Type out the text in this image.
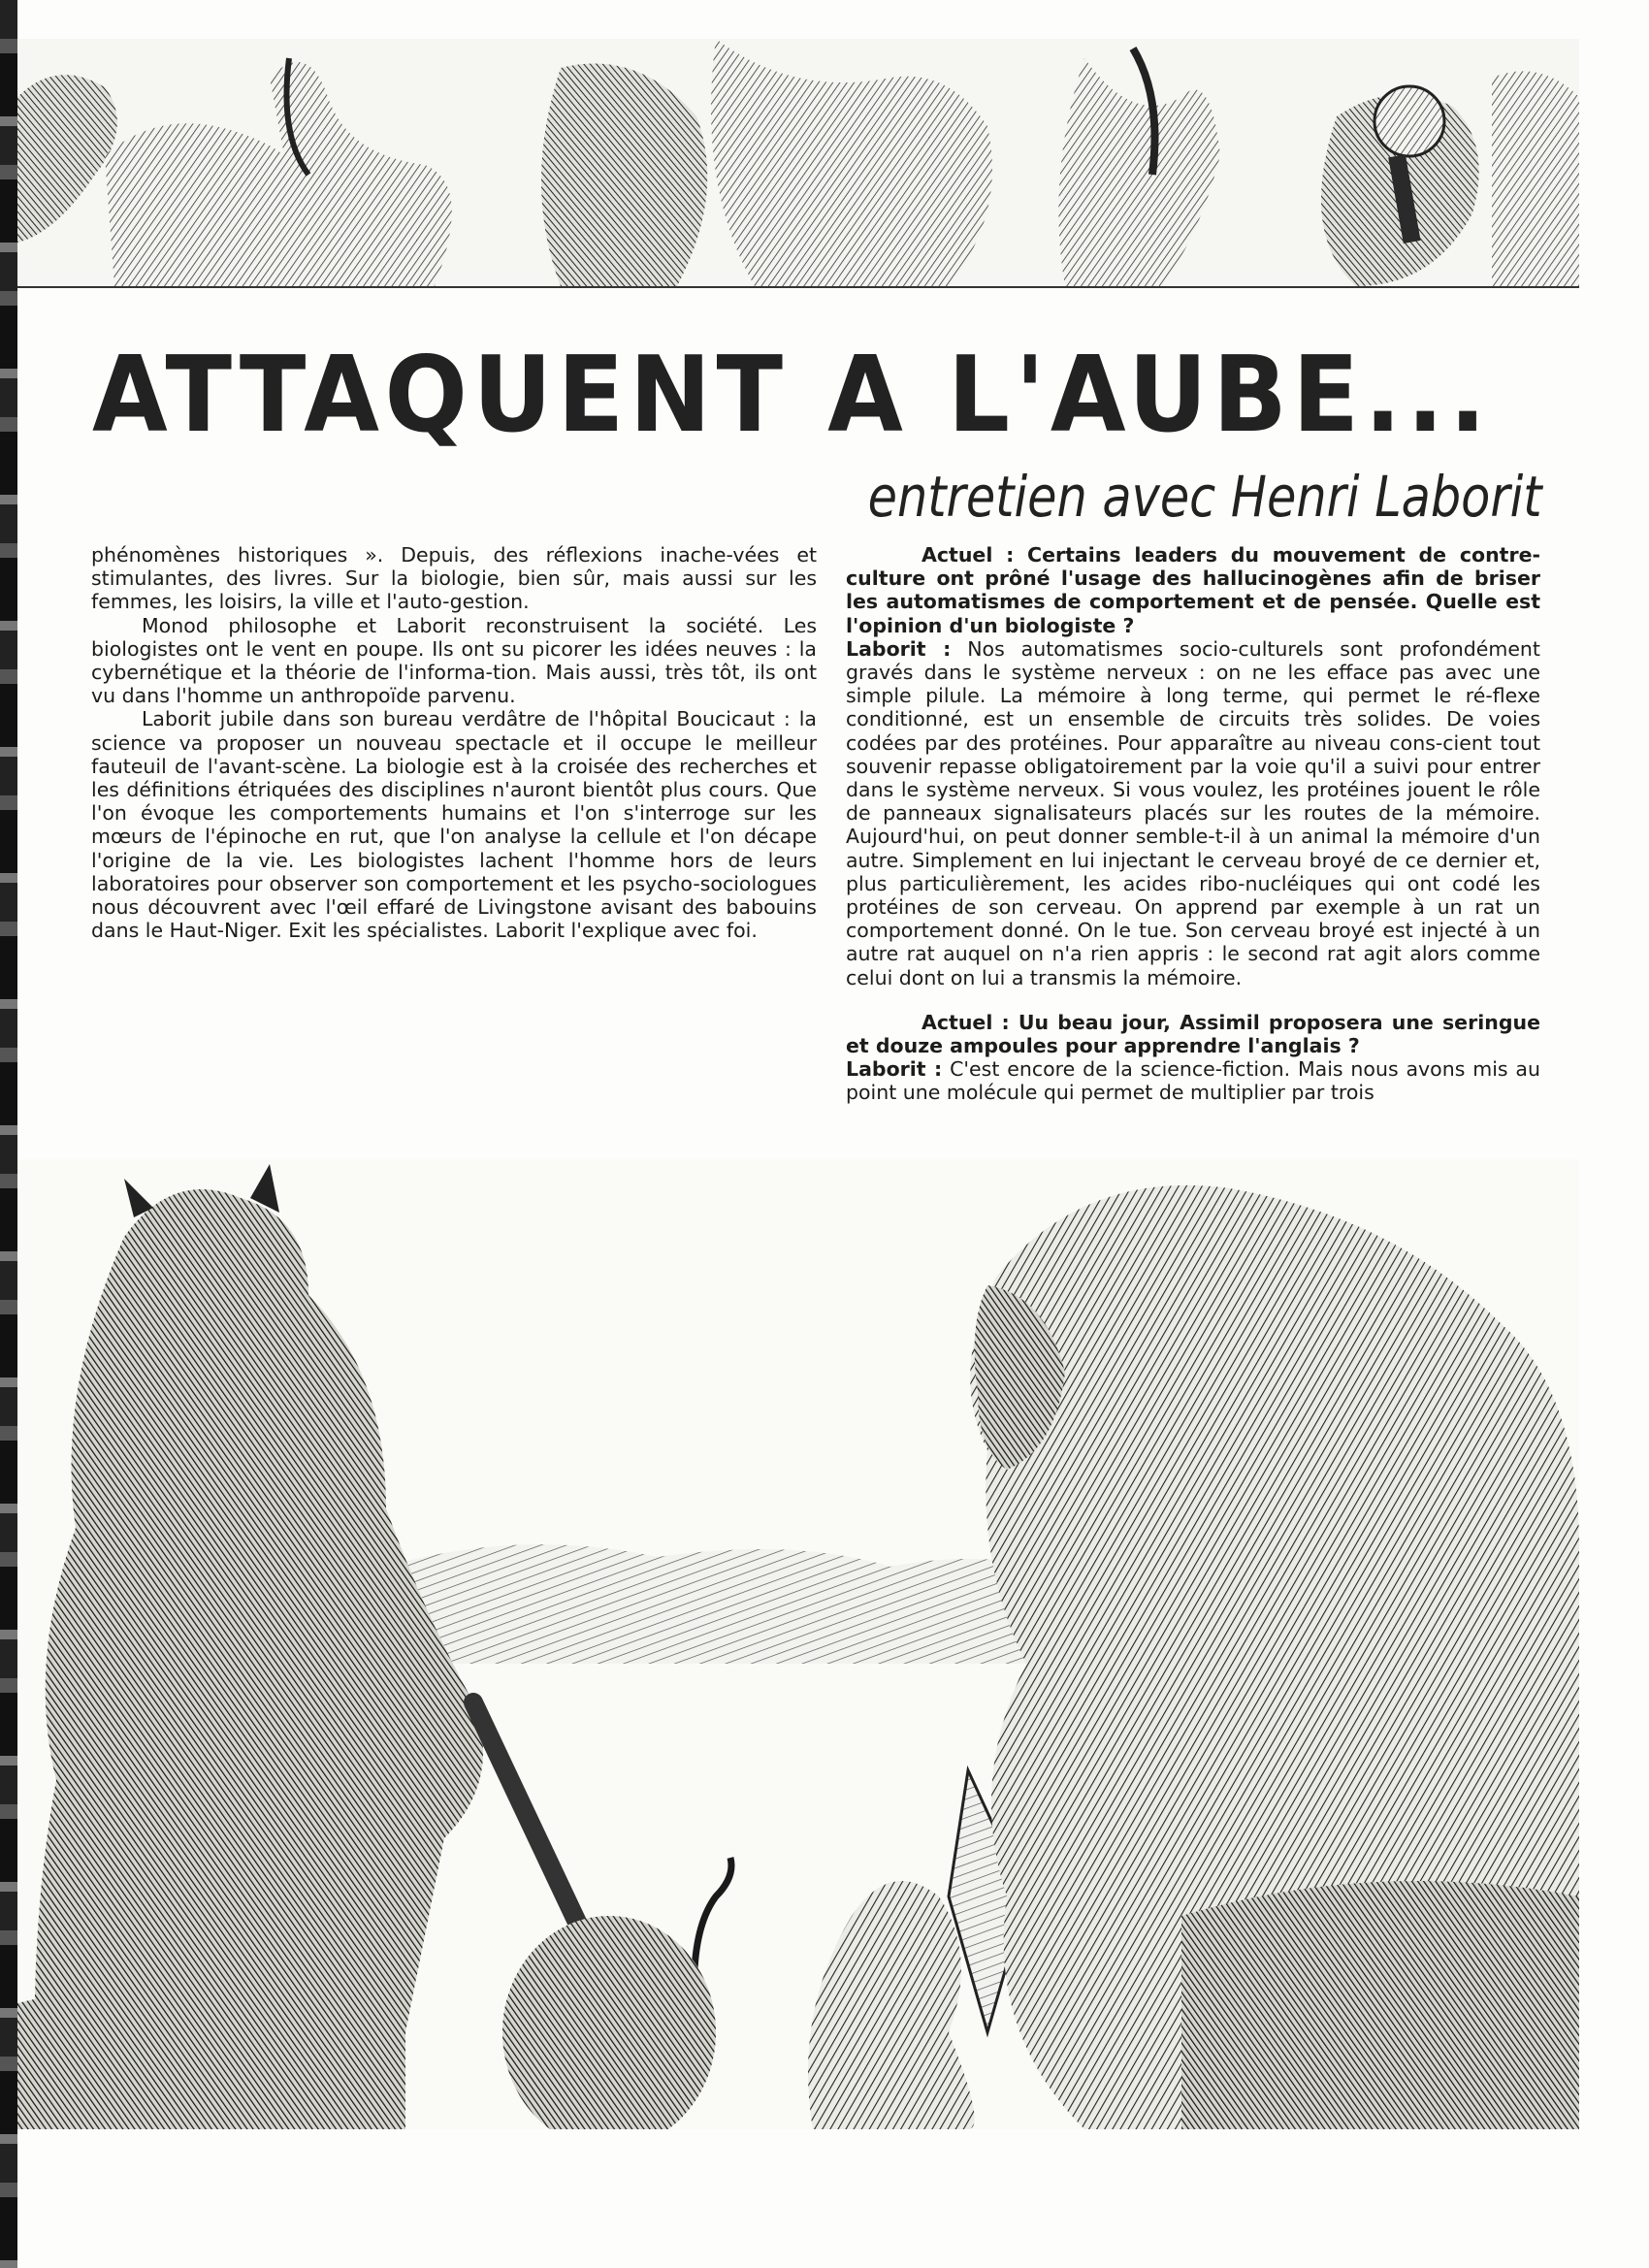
ATTAQUENT A L'AUBE...
entretien avec Henri Laborit

phénomènes historiques ». Depuis, des réflexions inache-vées et stimulantes, des livres. Sur la biologie, bien sûr, mais aussi sur les femmes, les loisirs, la ville et l'auto-gestion.

Monod philosophe et Laborit reconstruisent la société. Les biologistes ont le vent en poupe. Ils ont su picorer les idées neuves : la cybernétique et la théorie de l'informa-tion. Mais aussi, très tôt, ils ont vu dans l'homme un anthropoïde parvenu.

Laborit jubile dans son bureau verdâtre de l'hôpital Boucicaut : la science va proposer un nouveau spectacle et il occupe le meilleur fauteuil de l'avant-scène. La biologie est à la croisée des recherches et les définitions étriquées des disciplines n'auront bientôt plus cours. Que l'on évoque les comportements humains et l'on s'interroge sur les mœurs de l'épinoche en rut, que l'on analyse la cellule et l'on décape l'origine de la vie. Les biologistes lachent l'homme hors de leurs laboratoires pour observer son comportement et les psycho-sociologues nous découvrent avec l'œil effaré de Livingstone avisant des babouins dans le Haut-Niger. Exit les spécialistes. Laborit l'explique avec foi.

Actuel : Certains leaders du mouvement de contre-culture ont prôné l'usage des hallucinogènes afin de briser les automatismes de comportement et de pensée. Quelle est l'opinion d'un biologiste ?

Laborit : Nos automatismes socio-culturels sont profondément gravés dans le système nerveux : on ne les efface pas avec une simple pilule. La mémoire à long terme, qui permet le ré-flexe conditionné, est un ensemble de circuits très solides. De voies codées par des protéines. Pour apparaître au niveau cons-cient tout souvenir repasse obligatoirement par la voie qu'il a suivi pour entrer dans le système nerveux. Si vous voulez, les protéines jouent le rôle de panneaux signalisateurs placés sur les routes de la mémoire. Aujourd'hui, on peut donner semble-t-il à un animal la mémoire d'un autre. Simplement en lui injectant le cerveau broyé de ce dernier et, plus particulièrement, les acides ribo-nucléiques qui ont codé les protéines de son cerveau. On apprend par exemple à un rat un comportement donné. On le tue. Son cerveau broyé est injecté à un autre rat auquel on n'a rien appris : le second rat agit alors comme celui dont on lui a transmis la mémoire.

Actuel : Uu beau jour, Assimil proposera une seringue et douze ampoules pour apprendre l'anglais ?

Laborit : C'est encore de la science-fiction. Mais nous avons mis au point une molécule qui permet de multiplier par trois
